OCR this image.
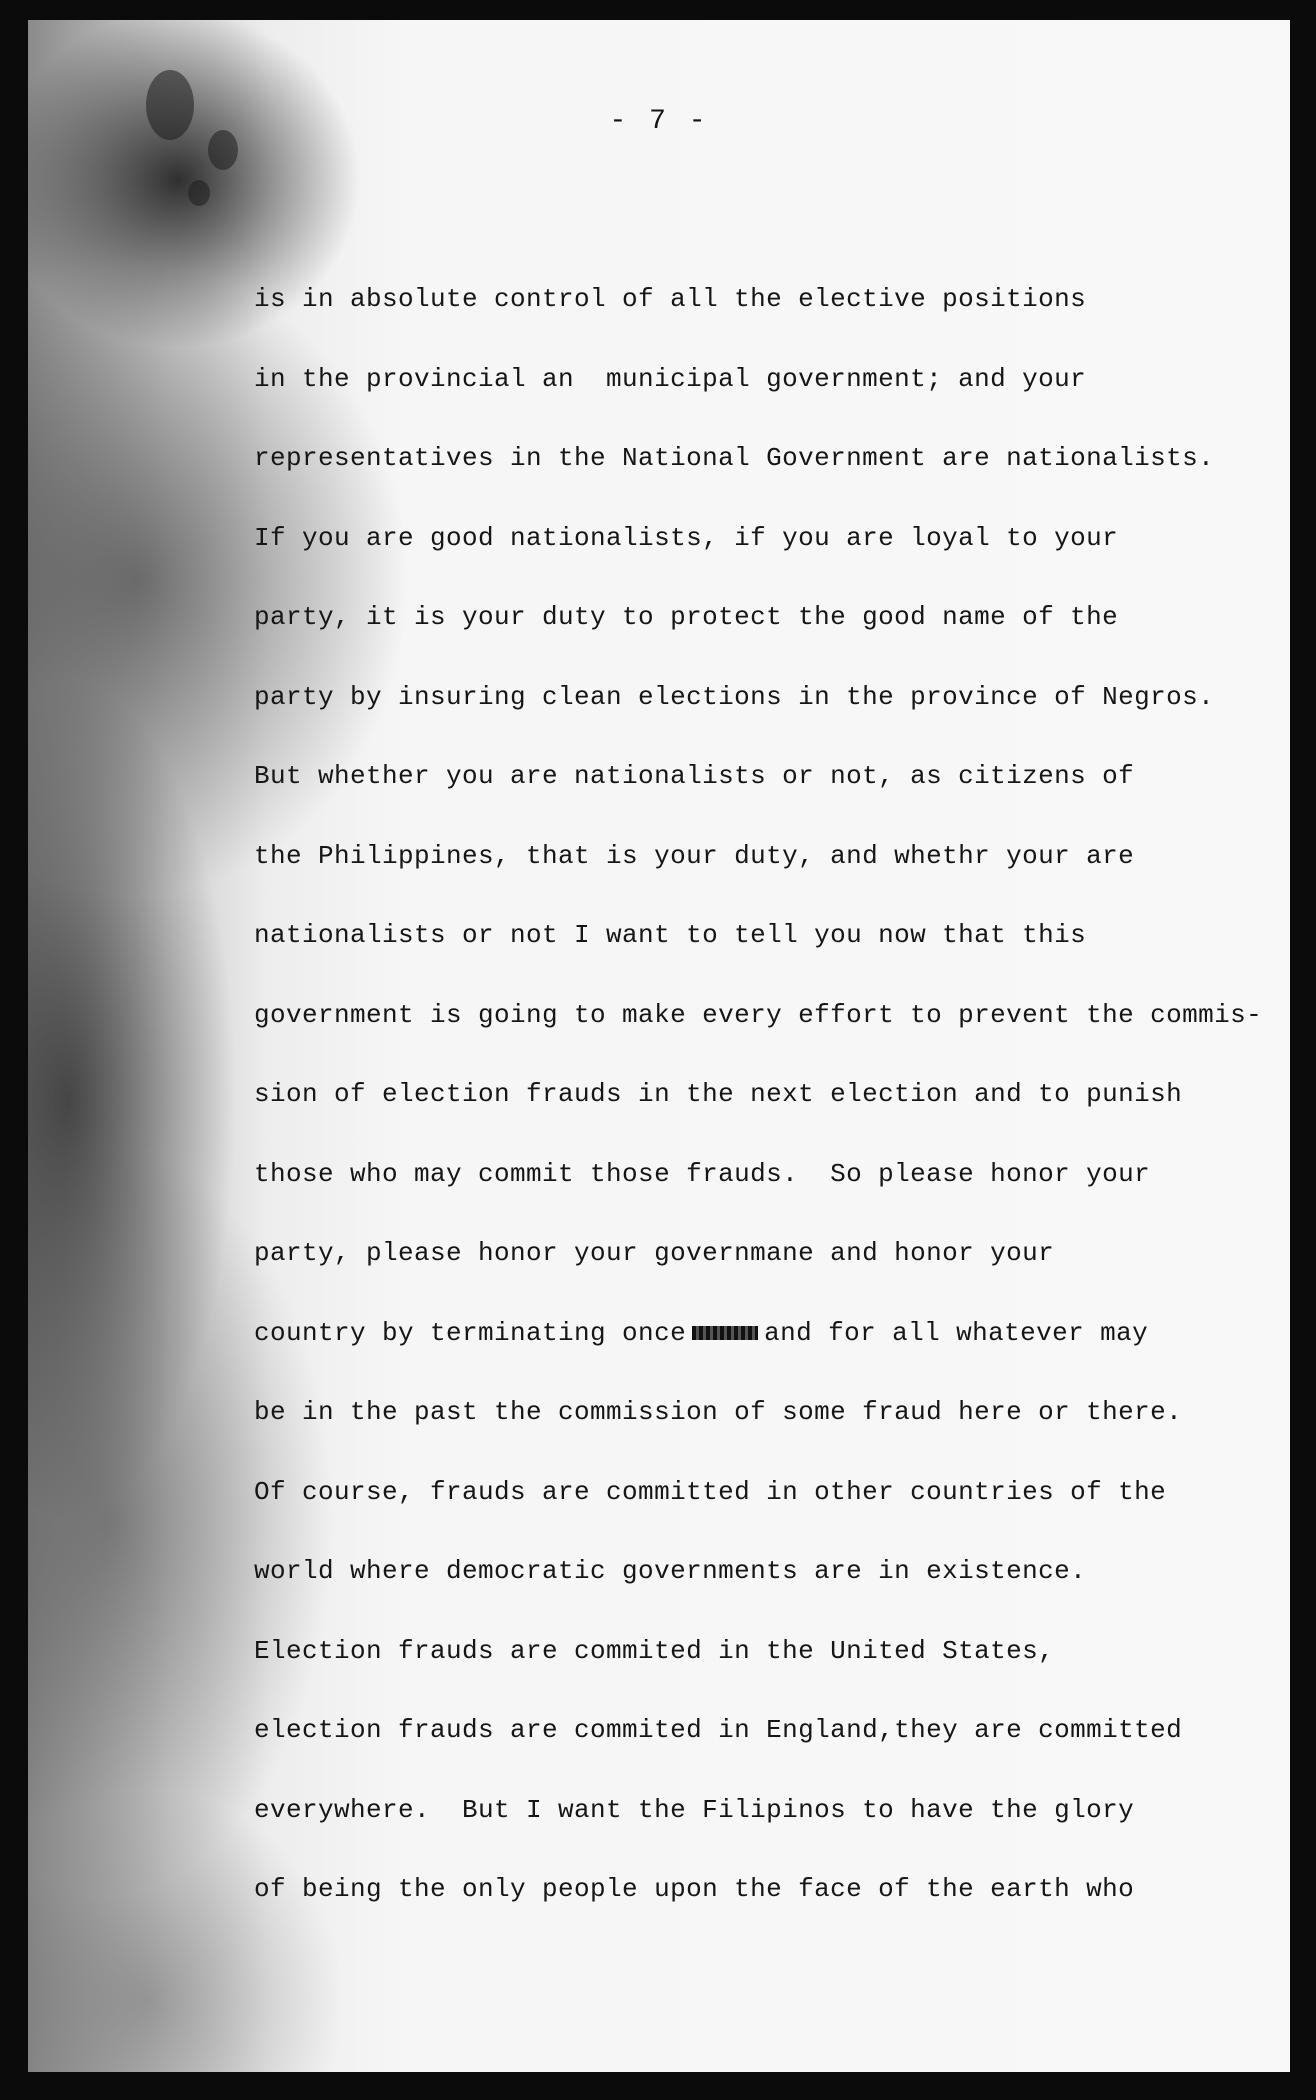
- 7 -
is in absolute control of all the elective positions
in the provincial an  municipal government; and your
representatives in the National Government are nationalists.
If you are good nationalists, if you are loyal to your
party, it is your duty to protect the good name of the
party by insuring clean elections in the province of Negros.
But whether you are nationalists or not, as citizens of
the Philippines, that is your duty, and whethr your are
nationalists or not I want to tell you now that this
government is going to make every effort to prevent the commis-
sion of election frauds in the next election and to punish
those who may commit those frauds.  So please honor your
party, please honor your governmane and honor your
country by terminating once	and for all whatever may
be in the past the commission of some fraud here or there.
Of course, frauds are committed in other countries of the
world where democratic governments are in existence.
Election frauds are commited in the United States,
election frauds are commited in England,they are committed
everywhere.  But I want the Filipinos to have the glory
of being the only people upon the face of the earth who
